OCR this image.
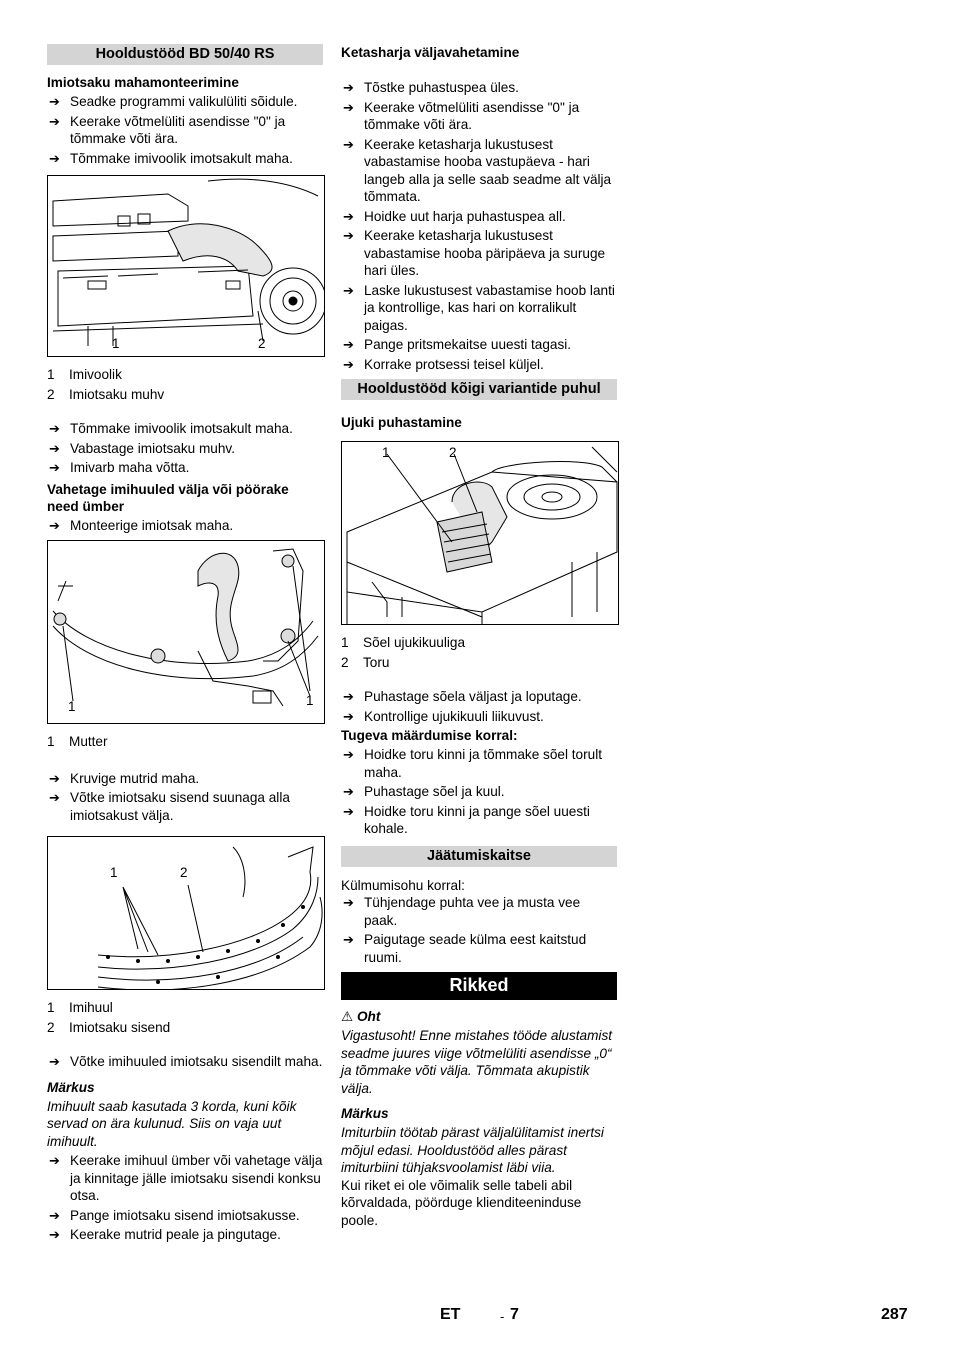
Hooldustööd BD 50/40 RS
Imiotsaku mahamonteerimine
➔ Seadke programmi valikulüliti sõidule.
➔ Keerake võtmelüliti asendisse "0" ja tõmmake võti ära.
➔ Tõmmake imivoolik imotsakult maha.
1	2
1 Imivoolik
2 Imiotsaku muhv
➔ Tõmmake imivoolik imotsakult maha.
➔ Vabastage imiotsaku muhv.
➔ Imivarb maha võtta.
Vahetage imihuuled välja või pöörake need ümber
➔ Monteerige imiotsak maha.
1	1
1 Mutter
➔ Kruvige mutrid maha.
➔ Võtke imiotsaku sisend suunaga alla imiotsakust välja.
1	2
1 Imihuul
2 Imiotsaku sisend
➔ Võtke imihuuled imiotsaku sisendilt maha.
Märkus

Imihuult saab kasutada 3 korda, kuni kõik servad on ära kulunud. Siis on vaja uut imihuult.

➔ Keerake imihuul ümber või vahetage välja ja kinnitage jälle imiotsaku sisendi konksu otsa.
➔ Pange imiotsaku sisend imiotsakusse.
➔ Keerake mutrid peale ja pingutage.
Ketasharja väljavahetamine
➔ Tõstke puhastuspea üles.
➔ Keerake võtmelüliti asendisse "0" ja tõmmake võti ära.
➔ Keerake ketasharja lukustusest vabastamise hooba vastupäeva - hari langeb alla ja selle saab seadme alt välja tõmmata.
➔ Hoidke uut harja puhastuspea all.
➔ Keerake ketasharja lukustusest vabastamise hooba päripäeva ja suruge hari üles.
➔ Laske lukustusest vabastamise hoob lanti ja kontrollige, kas hari on korralikult paigas.
➔ Pange pritsmekaitse uuesti tagasi.
➔ Korrake protsessi teisel küljel.
Hooldustööd kõigi variantide puhul
Ujuki puhastamine
1	2
1 Sõel ujukikuuliga
2 Toru
➔ Puhastage sõela väljast ja loputage.
➔ Kontrollige ujukikuuli liikuvust.
Tugeva määrdumise korral:
➔ Hoidke toru kinni ja tõmmake sõel torult maha.
➔ Puhastage sõel ja kuul.
➔ Hoidke toru kinni ja pange sõel uuesti kohale.
Jäätumiskaitse

Külmumisohu korral:

➔ Tühjendage puhta vee ja musta vee paak.
➔ Paigutage seade külma eest kaitstud ruumi.
Rikked
⚠ Oht

Vigastusoht! Enne mistahes tööde alustamist seadme juures viige võtmelüliti asendisse „0“ ja tõmmake võti välja. Tõmmata akupistik välja.

Märkus

Imiturbiin töötab pärast väljalülitamist inertsi mõjul edasi. Hooldustööd alles pärast imiturbiini tühjaksvoolamist läbi viia.

Kui riket ei ole võimalik selle tabeli abil kõrvaldada, pöörduge klienditeeninduse poole.

ET	- 7	287
